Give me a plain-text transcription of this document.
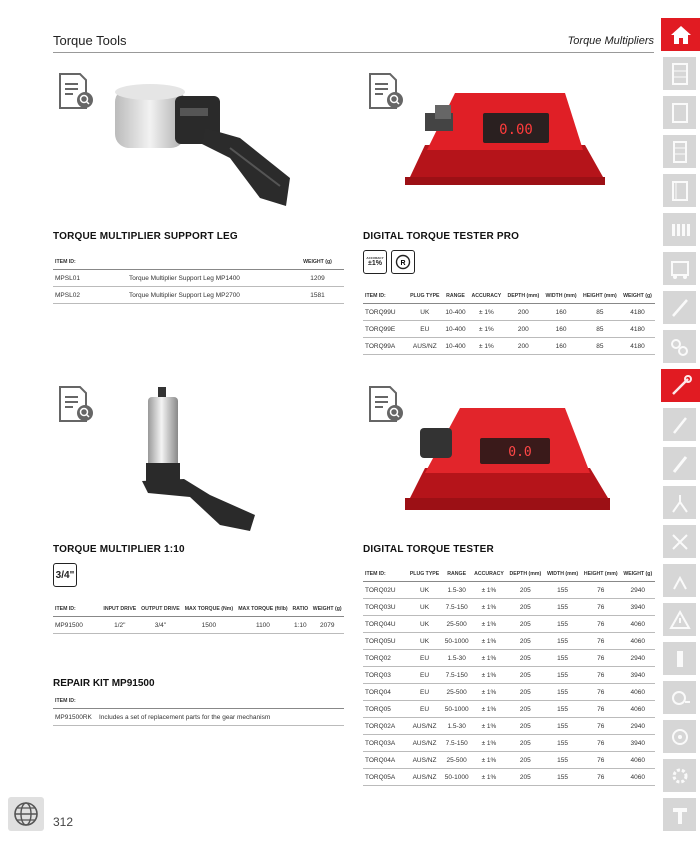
Torque Tools	Torque Multipliers
0.00
0.0
TORQUE MULTIPLIER SUPPORT LEG
ITEM ID:		WEIGHT (g)
MPSL01	Torque Multiplier Support Leg MP1400	1209
MPSL02	Torque Multiplier Support Leg MP2700	1581
TORQUE MULTIPLIER 1:10
3/4"
ITEM ID:	INPUT DRIVE	OUTPUT DRIVE	MAX TORQUE (Nm)	MAX TORQUE (ft/lb)	RATIO	WEIGHT (g)
MP91500	1/2"	3/4"	1500	1100	1:10	2079
REPAIR KIT MP91500
ITEM ID:
MP91500RK	Includes a set of replacement parts for the gear mechanism
DIGITAL TORQUE TESTER PRO
ACCURACY
±1%	R
ITEM ID:	PLUG TYPE	RANGE	ACCURACY	DEPTH (mm)	WIDTH (mm)	HEIGHT (mm)	WEIGHT (g)
TORQ99U	UK	10-400	± 1%	200	160	85	4180
TORQ99E	EU	10-400	± 1%	200	160	85	4180
TORQ99A	AUS/NZ	10-400	± 1%	200	160	85	4180
DIGITAL TORQUE TESTER
ITEM ID:	PLUG TYPE	RANGE	ACCURACY	DEPTH (mm)	WIDTH (mm)	HEIGHT (mm)	WEIGHT (g)
TORQ02U	UK	1.5-30	± 1%	205	155	76	2940
TORQ03U	UK	7.5-150	± 1%	205	155	76	3940
TORQ04U	UK	25-500	± 1%	205	155	76	4060
TORQ05U	UK	50-1000	± 1%	205	155	76	4060
TORQ02	EU	1.5-30	± 1%	205	155	76	2940
TORQ03	EU	7.5-150	± 1%	205	155	76	3940
TORQ04	EU	25-500	± 1%	205	155	76	4060
TORQ05	EU	50-1000	± 1%	205	155	76	4060
TORQ02A	AUS/NZ	1.5-30	± 1%	205	155	76	2940
TORQ03A	AUS/NZ	7.5-150	± 1%	205	155	76	3940
TORQ04A	AUS/NZ	25-500	± 1%	205	155	76	4060
TORQ05A	AUS/NZ	50-1000	± 1%	205	155	76	4060
312
